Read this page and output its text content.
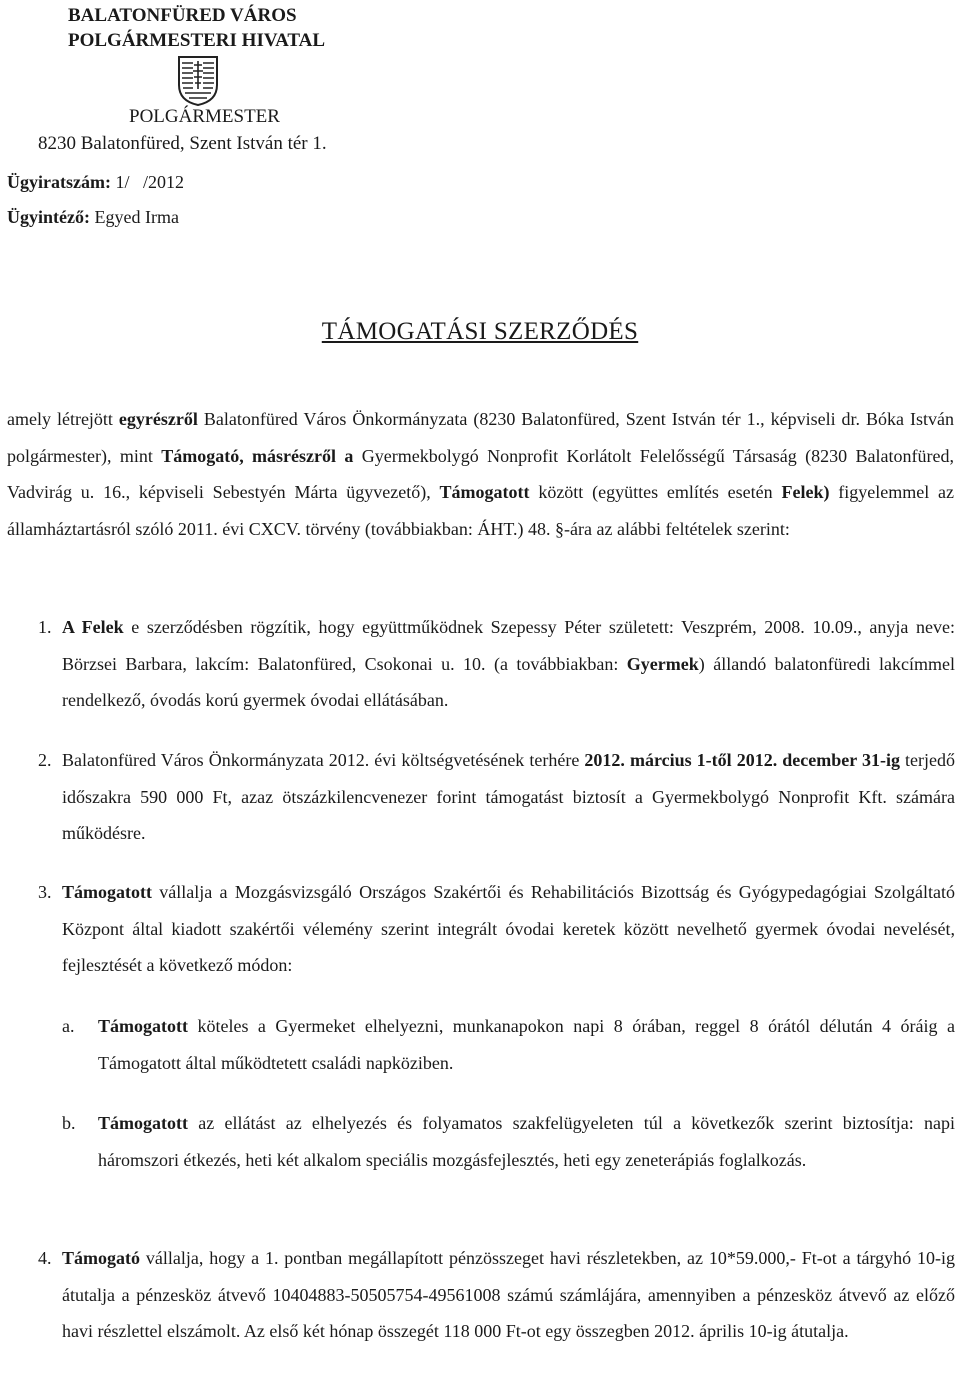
BALATONFÜRED VÁROS
POLGÁRMESTERI HIVATAL
POLGÁRMESTER
8230 Balatonfüred, Szent István tér 1.
Ügyiratszám: 1/   /2012
Ügyintéző: Egyed Irma
TÁMOGATÁSI SZERZŐDÉS
amely létrejött egyrészről Balatonfüred Város Önkormányzata (8230 Balatonfüred, Szent István tér 1., képviseli dr. Bóka István polgármester), mint Támogató, másrészről a Gyermekbolygó Nonprofit Korlátolt Felelősségű Társaság (8230 Balatonfüred, Vadvirág u. 16., képviseli Sebestyén Márta ügyvezető), Támogatott között (együttes említés esetén Felek) figyelemmel az államháztartásról szóló 2011. évi CXCV. törvény (továbbiakban: ÁHT.) 48. §-ára az alábbi feltételek szerint:
1. A Felek e szerződésben rögzítik, hogy együttműködnek Szepessy Péter született: Veszprém, 2008. 10.09., anyja neve: Börzsei Barbara, lakcím: Balatonfüred, Csokonai u. 10. (a továbbiakban: Gyermek) állandó balatonfüredi lakcímmel rendelkező, óvodás korú gyermek óvodai ellátásában.
2. Balatonfüred Város Önkormányzata 2012. évi költségvetésének terhére 2012. március 1-től 2012. december 31-ig terjedő időszakra 590 000 Ft, azaz ötszázkilencvenezer forint támogatást biztosít a Gyermekbolygó Nonprofit Kft. számára működésre.
3. Támogatott vállalja a Mozgásvizsgáló Országos Szakértői és Rehabilitációs Bizottság és Gyógypedagógiai Szolgáltató Központ által kiadott szakértői vélemény szerint integrált óvodai keretek között nevelhető gyermek óvodai nevelését, fejlesztését a következő módon:
a. Támogatott köteles a Gyermeket elhelyezni, munkanapokon napi 8 órában, reggel 8 órától délután 4 óráig a Támogatott által működtetett családi napköziben.
b. Támogatott az ellátást az elhelyezés és folyamatos szakfelügyeleten túl a következők szerint biztosítja: napi háromszori étkezés, heti két alkalom speciális mozgásfejlesztés, heti egy zeneterápiás foglalkozás.
4. Támogató vállalja, hogy a 1. pontban megállapított pénzösszeget havi részletekben, az 10*59.000,- Ft-ot a tárgyhó 10-ig átutalja a pénzesköz átvevő 10404883-50505754-49561008 számú számlájára, amennyiben a pénzesköz átvevő az előző havi részlettel elszámolt. Az első két hónap összegét 118 000 Ft-ot egy összegben 2012. április 10-ig átutalja.
